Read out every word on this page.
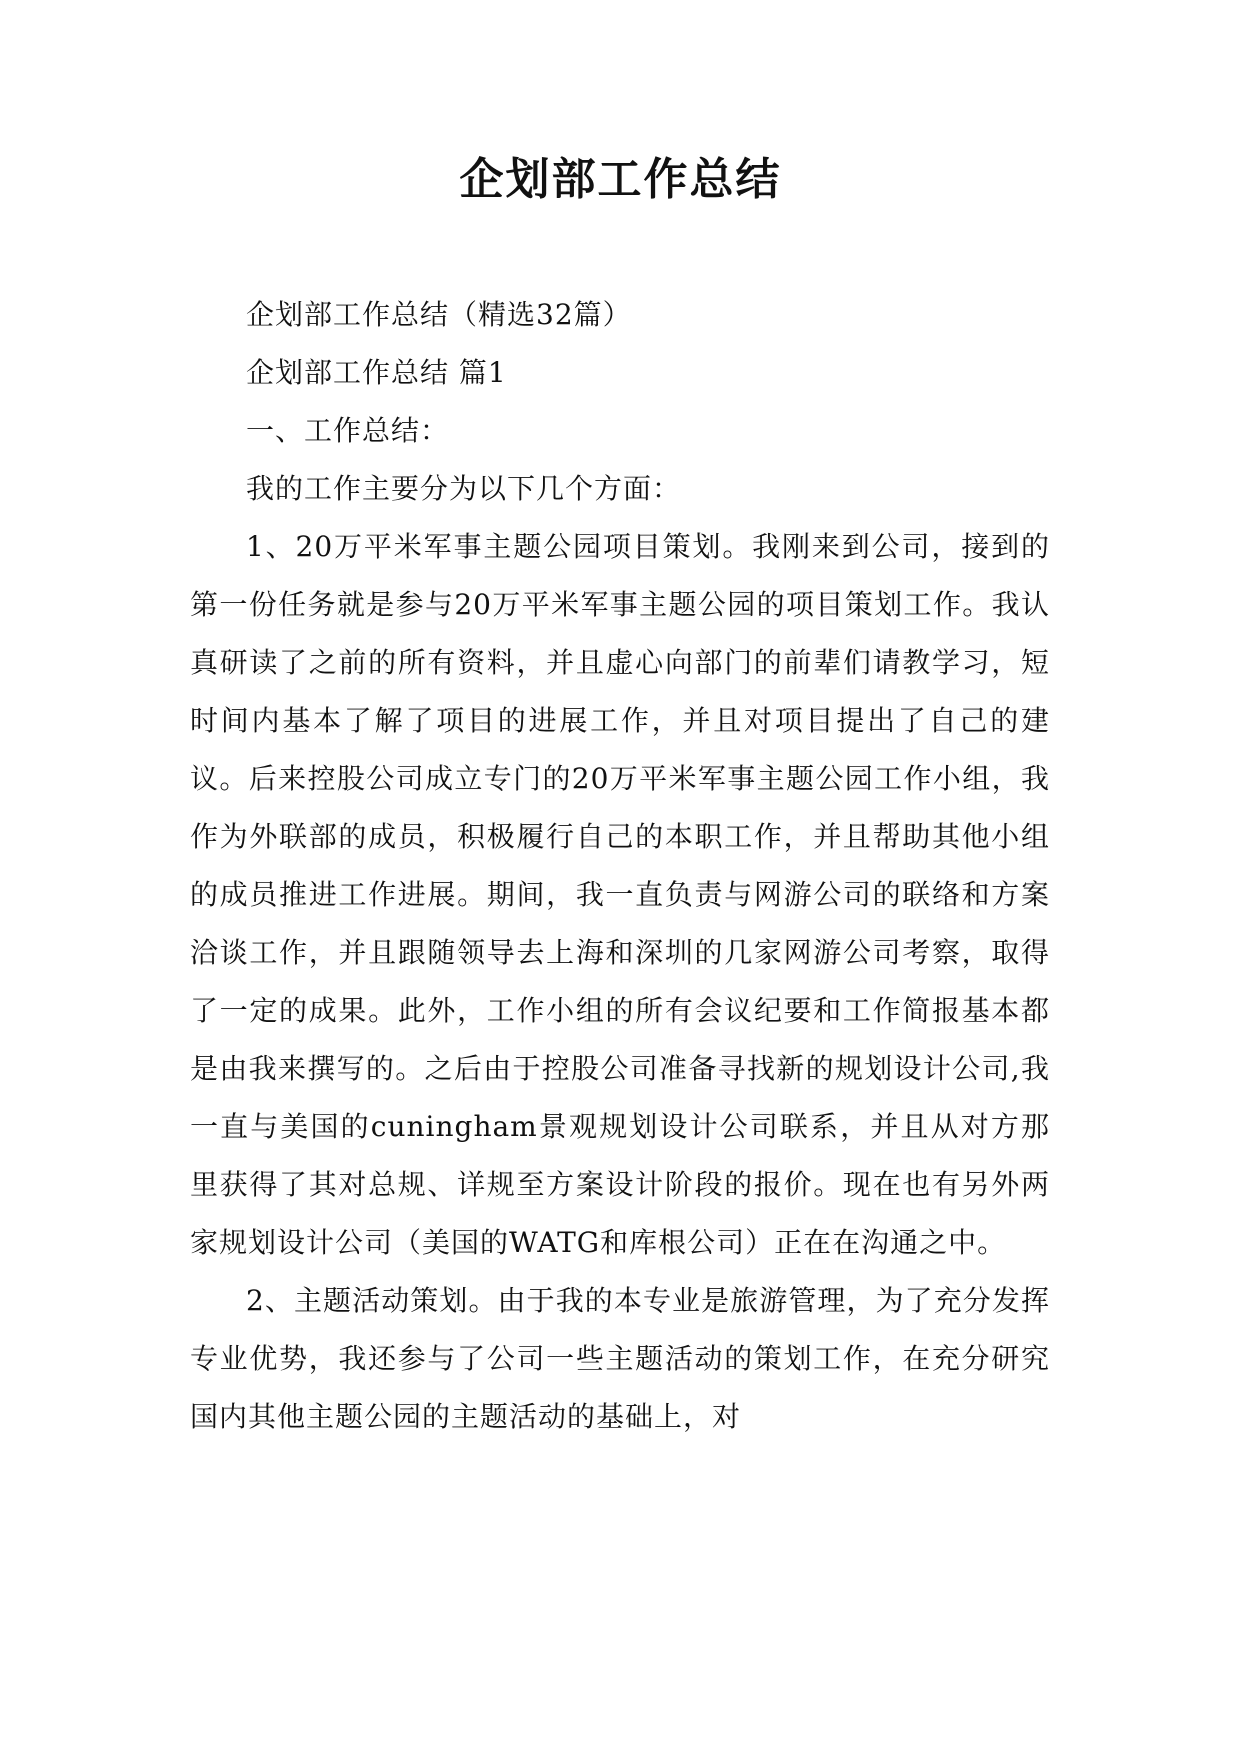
企划部工作总结

企划部工作总结（精选32篇）

企划部工作总结 篇1

一、工作总结：

我的工作主要分为以下几个方面：

1、20万平米军事主题公园项目策划。我刚来到公司，接到的第一份任务就是参与20万平米军事主题公园的项目策划工作。我认真研读了之前的所有资料，并且虚心向部门的前辈们请教学习，短时间内基本了解了项目的进展工作，并且对项目提出了自己的建议。后来控股公司成立专门的20万平米军事主题公园工作小组，我作为外联部的成员，积极履行自己的本职工作，并且帮助其他小组的成员推进工作进展。期间，我一直负责与网游公司的联络和方案洽谈工作，并且跟随领导去上海和深圳的几家网游公司考察，取得了一定的成果。此外，工作小组的所有会议纪要和工作简报基本都是由我来撰写的。之后由于控股公司准备寻找新的规划设计公司,我一直与美国的cuningham景观规划设计公司联系，并且从对方那里获得了其对总规、详规至方案设计阶段的报价。现在也有另外两家规划设计公司（美国的WATG和库根公司）正在在沟通之中。

2、主题活动策划。由于我的本专业是旅游管理，为了充分发挥专业优势，我还参与了公司一些主题活动的策划工作，在充分研究国内其他主题公园的主题活动的基础上，对
